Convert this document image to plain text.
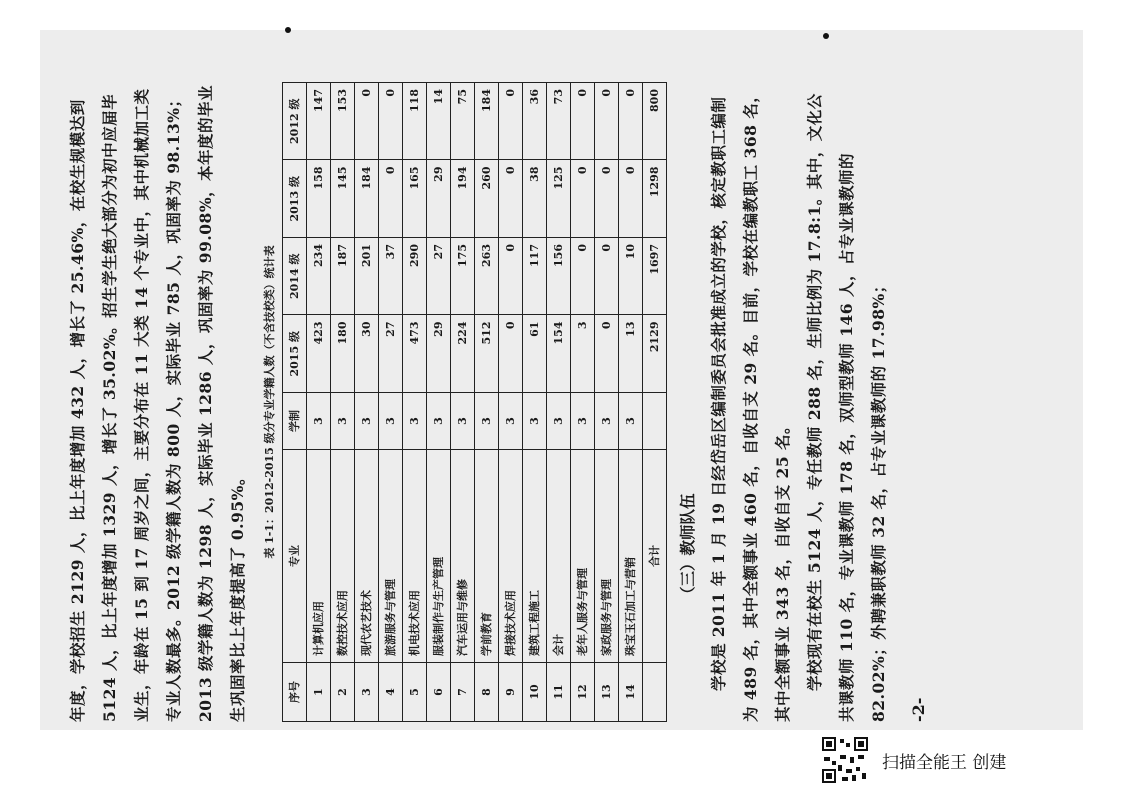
年度，学校招生 2129 人，比上年度增加 432 人，增长了 25.46%，在校生规模达到 5124 人，比上年度增加 1329 人，增长了 35.02%。招生学生绝大部分为初中应届毕业生，年龄在 15 到 17 周岁之间，主要分布在 11 大类 14 个专业中，其中机械加工类专业人数最多。2012 级学籍人数为 800 人，实际毕业 785 人，巩固率为 98.13%；2013 级学籍人数为 1298 人，实际毕业 1286 人，巩固率为 99.08%，本年度的毕业生巩固率比上年度提高了 0.95%。

表 1-1：2012-2015 级分专业学籍人数（不含技校类）统计表
序号	专业	学制	2015 级	2014 级	2013 级	2012 级
1	计算机应用	3	423	234	158	147
2	数控技术应用	3	180	187	145	153
3	现代农艺技术	3	30	201	184	0
4	旅游服务与管理	3	27	37	0	0
5	机电技术应用	3	473	290	165	118
6	服装制作与生产管理	3	29	27	29	14
7	汽车运用与维修	3	224	175	194	75
8	学前教育	3	512	263	260	184
9	焊接技术应用	3	0	0	0	0
10	建筑工程施工	3	61	117	38	36
11	会计	3	154	156	125	73
12	老年人服务与管理	3	3	0	0	0
13	家政服务与管理	3	0	0	0	0
14	珠宝玉石加工与营销	3	13	10	0	0
	合计		2129	1697	1298	800
（三）教师队伍 学校是 2011 年 1 月 19 日经岱岳区编制委员会批准成立的学校，核定教职工编制为 489 名，其中全额事业 460 名，自收自支 29 名。目前，学校在编教职工 368 名，其中全额事业 343 名，自收自支 25 名。 学校现有在校生 5124 人，专任教师 288 名，生师比例为 17.8:1。其中，文化公共课教师 110 名，专业课教师 178 名，双师型教师 146 人，占专业课教师的 82.02%；外聘兼职教师 32 名，占专业课教师的 17.98%；	-2-
扫描全能王 创建
